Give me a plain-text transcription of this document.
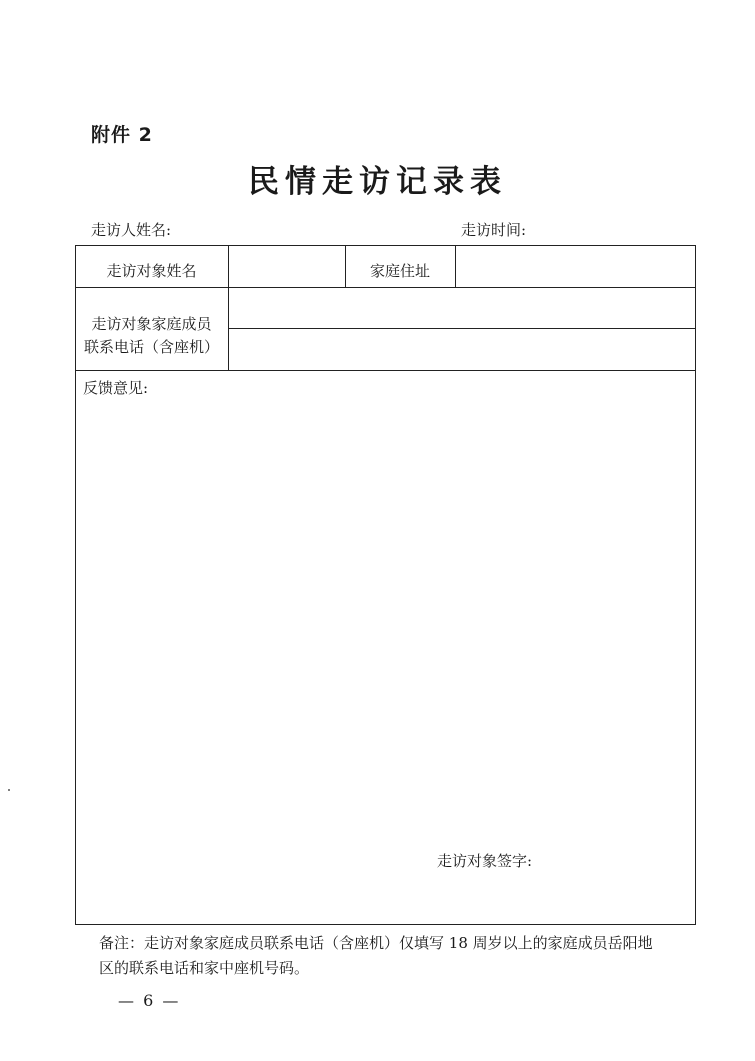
附件 2
民情走访记录表
走访人姓名:	走访时间:
走访对象姓名	家庭住址
走访对象家庭成员
联系电话（含座机）
反馈意见:
走访对象签字:
备注：走访对象家庭成员联系电话（含座机）仅填写 18 周岁以上的家庭成员岳阳地
区的联系电话和家中座机号码。
— 6 —
